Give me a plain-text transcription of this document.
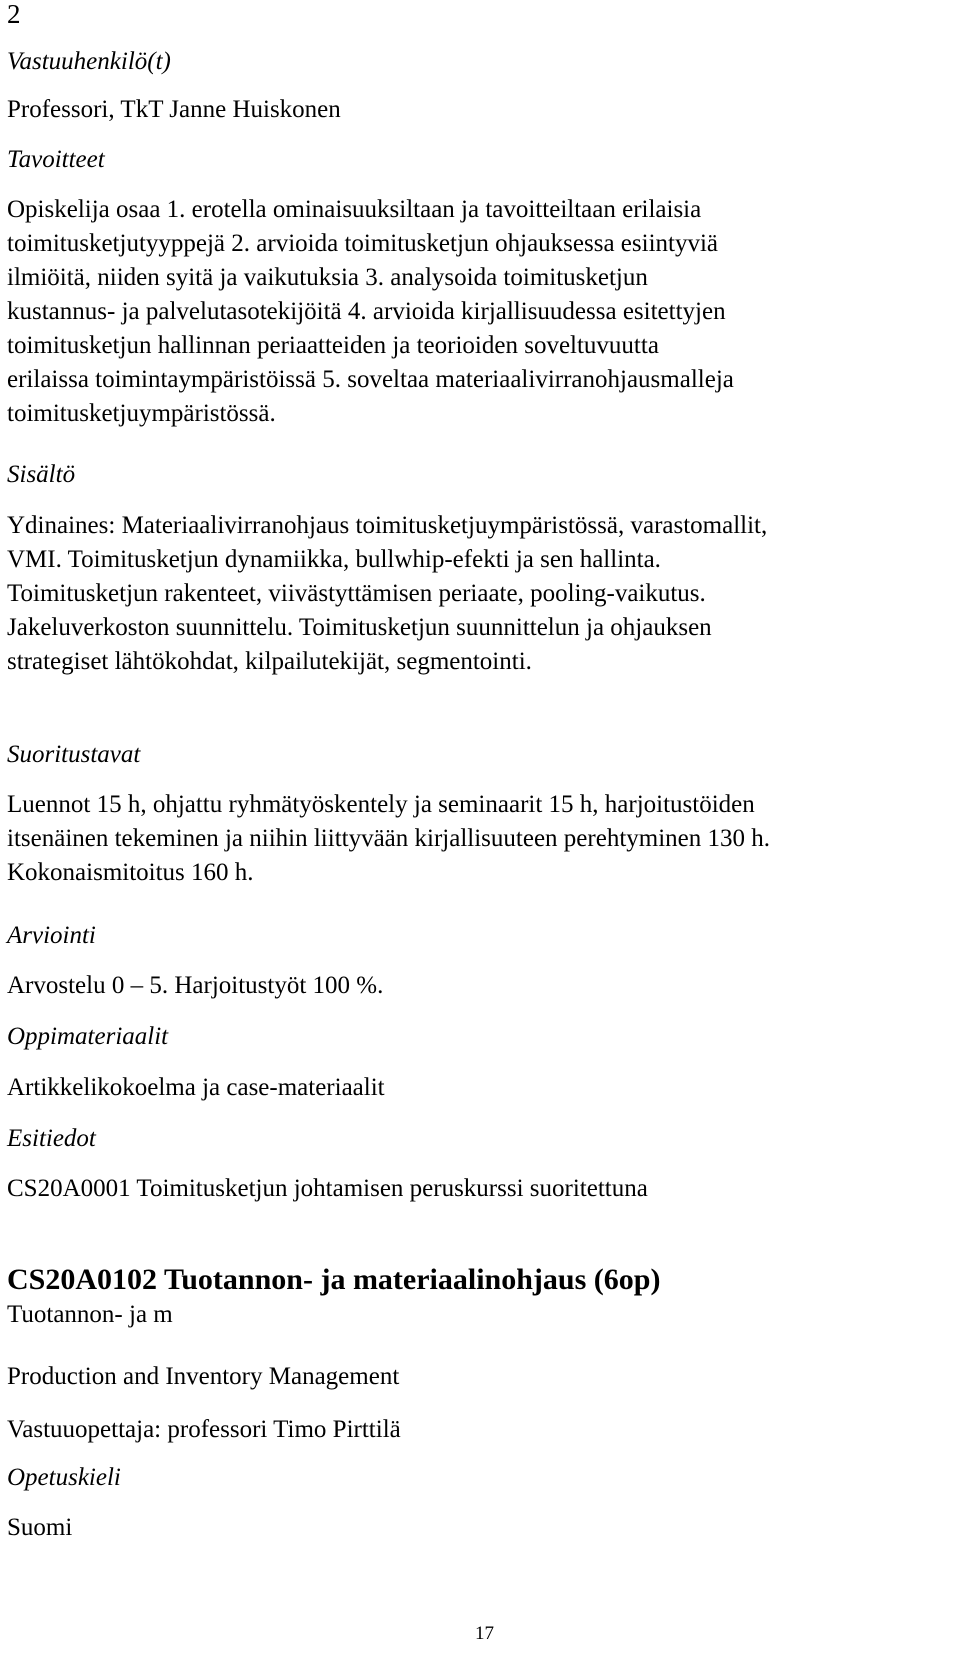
2
Vastuuhenkilö(t)
Professori, TkT Janne Huiskonen
Tavoitteet
Opiskelija osaa 1. erotella ominaisuuksiltaan ja tavoitteiltaan erilaisia
toimitusketjutyyppejä 2. arvioida toimitusketjun ohjauksessa esiintyviä
ilmiöitä, niiden syitä ja vaikutuksia 3. analysoida toimitusketjun
kustannus- ja palvelutasotekijöitä 4. arvioida kirjallisuudessa esitettyjen
toimitusketjun hallinnan periaatteiden ja teorioiden soveltuvuutta
erilaissa toimintaympäristöissä 5. soveltaa materiaalivirranohjausmalleja
toimitusketjuympäristössä.
Sisältö
Ydinaines: Materiaalivirranohjaus toimitusketjuympäristössä, varastomallit,
VMI. Toimitusketjun dynamiikka, bullwhip-efekti ja sen hallinta.
Toimitusketjun rakenteet, viivästyttämisen periaate, pooling-vaikutus.
Jakeluverkoston suunnittelu. Toimitusketjun suunnittelun ja ohjauksen
strategiset lähtökohdat, kilpailutekijät, segmentointi.
Suoritustavat
Luennot 15 h, ohjattu ryhmätyöskentely ja seminaarit 15 h, harjoitustöiden
itsenäinen tekeminen ja niihin liittyvään kirjallisuuteen perehtyminen 130 h.
Kokonaismitoitus 160 h.
Arviointi
Arvostelu 0 – 5. Harjoitustyöt 100 %.
Oppimateriaalit
Artikkelikokoelma ja case-materiaalit
Esitiedot
CS20A0001 Toimitusketjun johtamisen peruskurssi suoritettuna
CS20A0102 Tuotannon- ja materiaalinohjaus (6op)
Tuotannon- ja m
Production and Inventory Management
Vastuuopettaja: professori Timo Pirttilä
Opetuskieli
Suomi
17
